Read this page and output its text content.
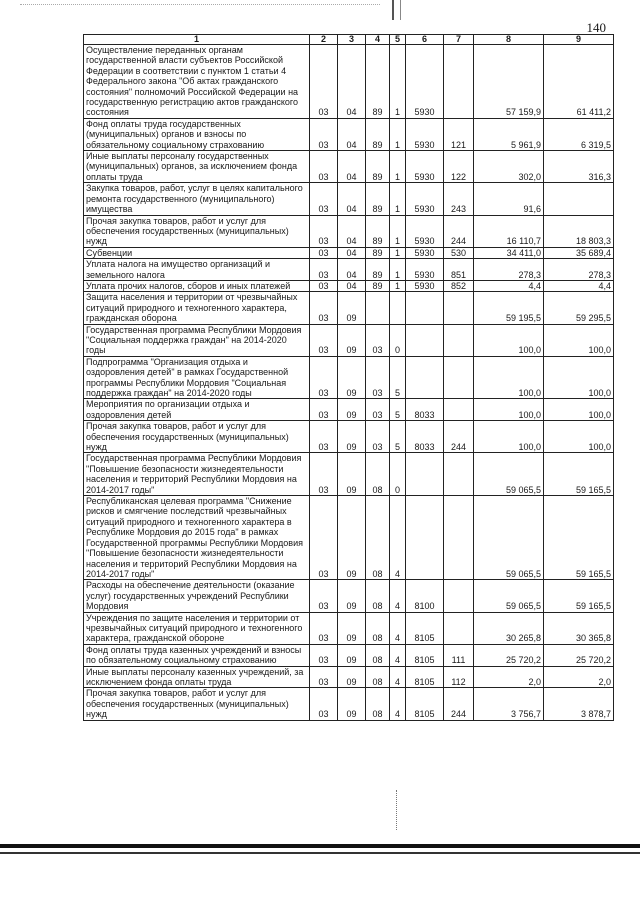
140
1	2	3	4	5	6	7	8	9
Осуществление переданных органам государственной власти субъектов Российской Федерации в соответствии с пунктом 1 статьи 4 Федерального закона "Об актах гражданского состояния" полномочий Российской Федерации на государственную регистрацию актов гражданского состояния	03	04	89	1	5930		57 159,9	61 411,2
Фонд оплаты труда государственных (муниципальных) органов и взносы по обязательному социальному страхованию	03	04	89	1	5930	121	5 961,9	6 319,5
Иные выплаты персоналу государственных (муниципальных) органов, за исключением фонда оплаты труда	03	04	89	1	5930	122	302,0	316,3
Закупка товаров, работ, услуг в целях капитального ремонта государственного (муниципального) имущества	03	04	89	1	5930	243	91,6	
Прочая закупка товаров, работ и услуг для обеспечения государственных (муниципальных) нужд	03	04	89	1	5930	244	16 110,7	18 803,3
Субвенции	03	04	89	1	5930	530	34 411,0	35 689,4
Уплата налога на имущество организаций и земельного налога	03	04	89	1	5930	851	278,3	278,3
Уплата прочих налогов, сборов и иных платежей	03	04	89	1	5930	852	4,4	4,4
Защита населения и территории от чрезвычайных ситуаций природного и техногенного характера, гражданская оборона	03	09					59 195,5	59 295,5
Государственная программа Республики Мордовия "Социальная поддержка граждан" на 2014-2020 годы	03	09	03	0			100,0	100,0
Подпрограмма "Организация отдыха и оздоровления детей" в рамках Государственной программы Республики Мордовия "Социальная поддержка граждан" на 2014-2020 годы	03	09	03	5			100,0	100,0
Мероприятия по организации отдыха и оздоровления детей	03	09	03	5	8033		100,0	100,0
Прочая закупка товаров, работ и услуг для обеспечения государственных (муниципальных) нужд	03	09	03	5	8033	244	100,0	100,0
Государственная программа Республики Мордовия "Повышение безопасности жизнедеятельности населения и территорий Республики Мордовия на 2014-2017 годы"	03	09	08	0			59 065,5	59 165,5
Республиканская целевая программа "Снижение рисков и смягчение последствий чрезвычайных ситуаций природного и техногенного характера в Республике Мордовия до 2015 года" в рамках Государственной программы Республики Мордовия "Повышение безопасности жизнедеятельности населения и территорий Республики Мордовия на 2014-2017 годы"	03	09	08	4			59 065,5	59 165,5
Расходы на обеспечение деятельности (оказание услуг) государственных учреждений Республики Мордовия	03	09	08	4	8100		59 065,5	59 165,5
Учреждения по защите населения и территории от чрезвычайных ситуаций природного и техногенного характера, гражданской обороне	03	09	08	4	8105		30 265,8	30 365,8
Фонд оплаты труда казенных учреждений и взносы по обязательному социальному страхованию	03	09	08	4	8105	111	25 720,2	25 720,2
Иные выплаты персоналу казенных учреждений, за исключением фонда оплаты труда	03	09	08	4	8105	112	2,0	2,0
Прочая закупка товаров, работ и услуг для обеспечения государственных (муниципальных) нужд	03	09	08	4	8105	244	3 756,7	3 878,7
